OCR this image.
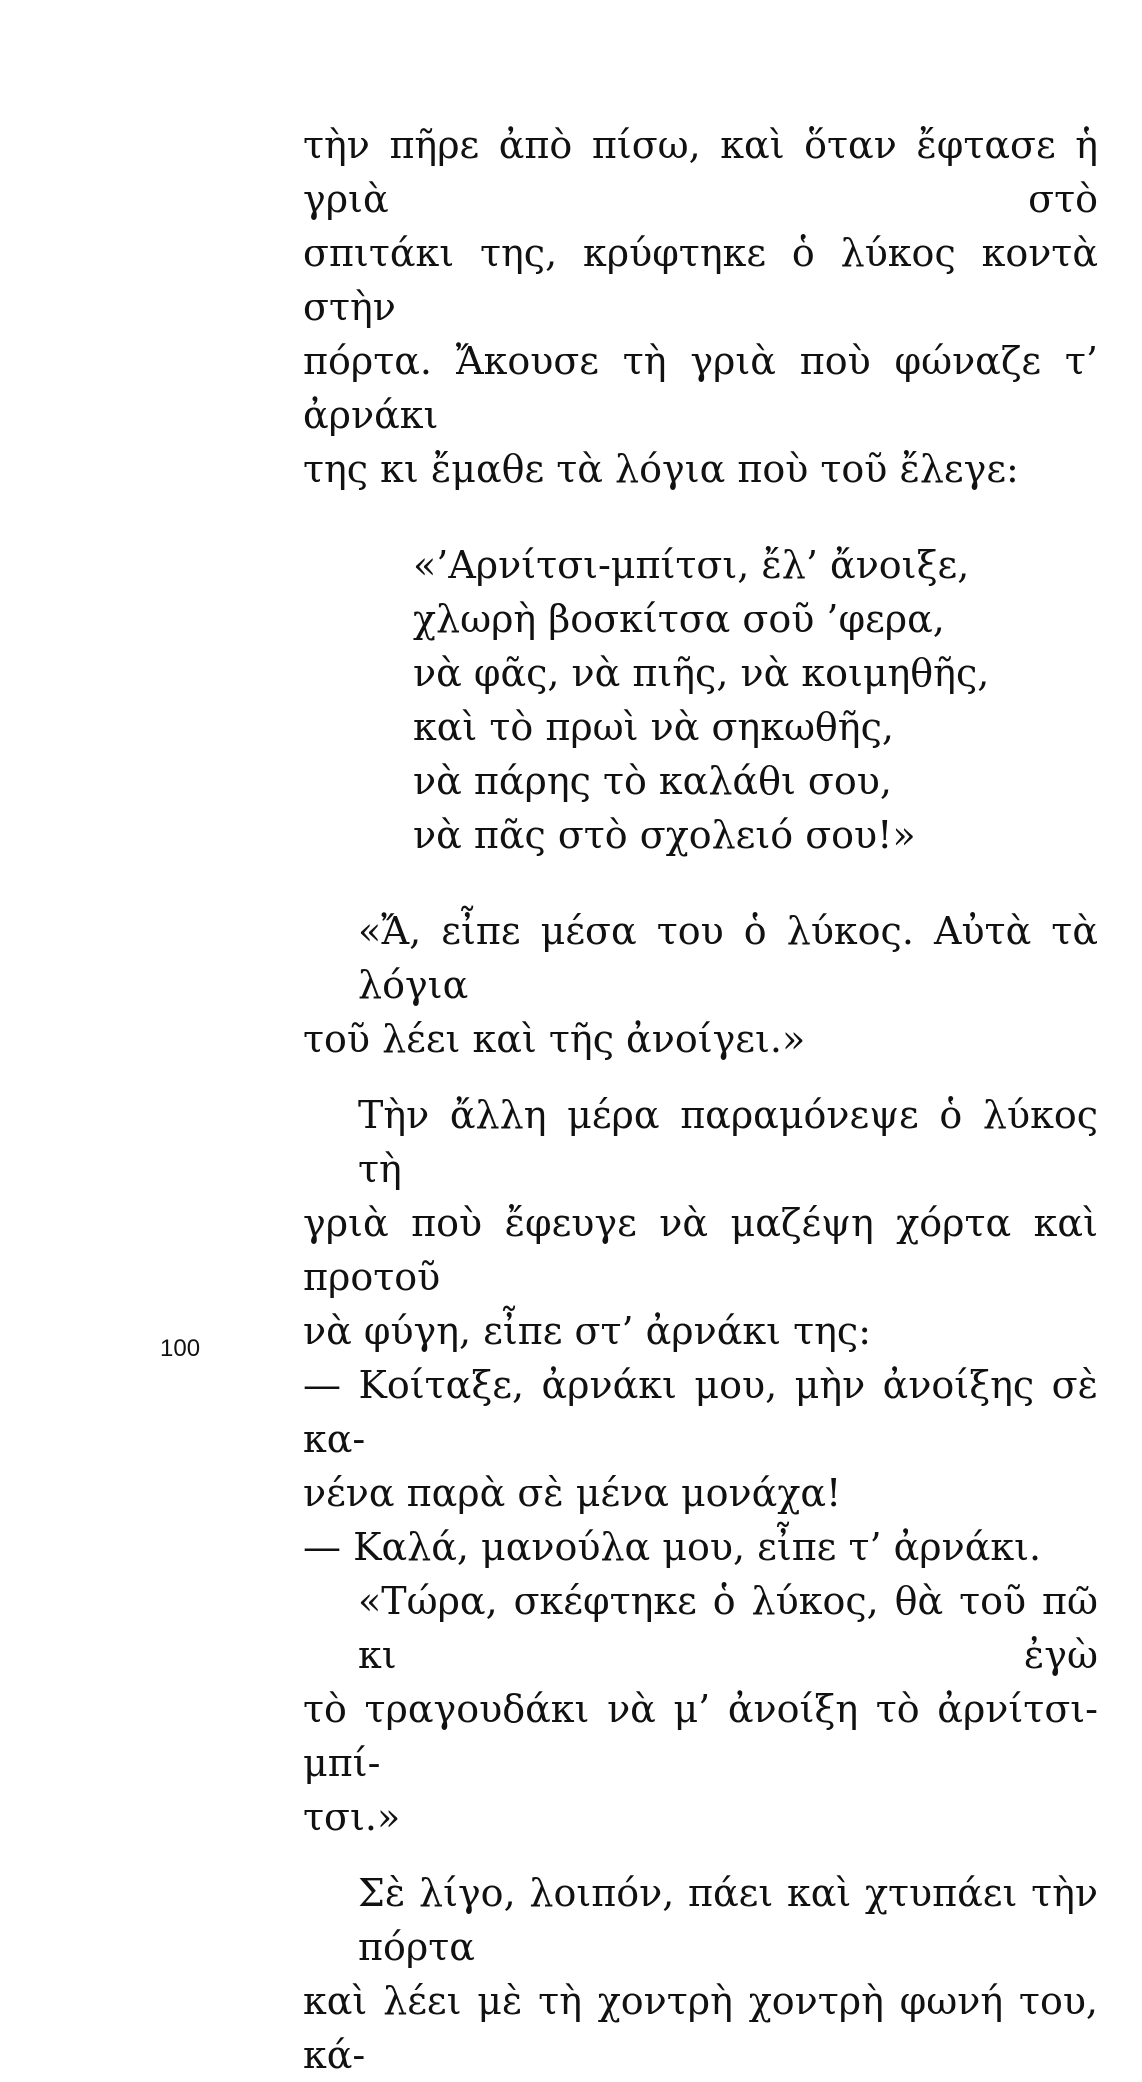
τὴν πῆρε ἀπὸ πίσω, καὶ ὅταν ἔφτασε ἡ γριὰ στὸ
σπιτάκι της, κρύφτηκε ὁ λύκος κοντὰ στὴν
πόρτα. Ἄκουσε τὴ γριὰ ποὺ φώναζε τ’ ἀρνάκι
της κι ἔμαθε τὰ λόγια ποὺ τοῦ ἔλεγε:
«’Αρνίτσι-μπίτσι, ἔλ’ ἄνοιξε,
χλωρὴ βοσκίτσα σοῦ ’φερα,
νὰ φᾶς, νὰ πιῆς, νὰ κοιμηθῆς,
καὶ τὸ πρωὶ νὰ σηκωθῆς,
νὰ πάρης τὸ καλάθι σου,
νὰ πᾶς στὸ σχολειό σου!»
«Ἄ, εἶπε μέσα του ὁ λύκος. Αὐτὰ τὰ λόγια
τοῦ λέει καὶ τῆς ἀνοίγει.»
Τὴν ἄλλη μέρα παραμόνεψε ὁ λύκος τὴ
γριὰ ποὺ ἔφευγε νὰ μαζέψη χόρτα καὶ προτοῦ
νὰ φύγη, εἶπε στ’ ἀρνάκι της:
— Κοίταξε, ἀρνάκι μου, μὴν ἀνοίξης σὲ κα-
νένα παρὰ σὲ μένα μονάχα!
— Καλά, μανούλα μου, εἶπε τ’ ἀρνάκι.
«Τώρα, σκέφτηκε ὁ λύκος, θὰ τοῦ πῶ κι ἐγὼ
τὸ τραγουδάκι νὰ μ’ ἀνοίξη τὸ ἀρνίτσι-μπί-
τσι.»
Σὲ λίγο, λοιπόν, πάει καὶ χτυπάει τὴν πόρτα
καὶ λέει μὲ τὴ χοντρὴ χοντρὴ φωνή του, κά-
100
